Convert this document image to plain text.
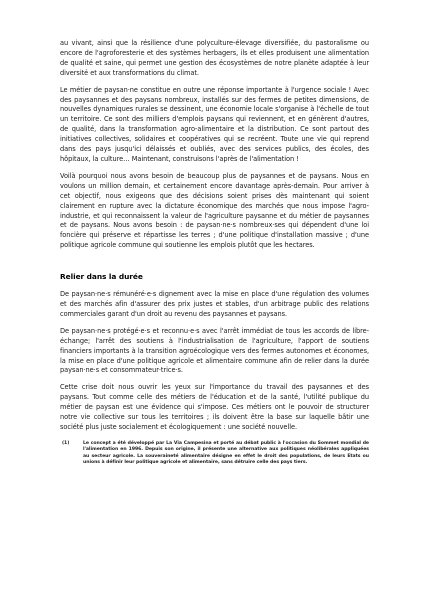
au vivant, ainsi que la résilience d'une polyculture-élevage diversifiée, du pastoralisme ou encore de l'agroforesterie et des systèmes herbagers, ils et elles produisent une alimentation de qualité et saine, qui permet une gestion des écosystèmes de notre planète adaptée à leur diversité et aux transformations du climat.

Le métier de paysan·ne constitue en outre une réponse importante à l'urgence sociale ! Avec des paysannes et des paysans nombreux, installés sur des fermes de petites dimensions, de nouvelles dynamiques rurales se dessinent, une économie locale s'organise à l'échelle de tout un territoire. Ce sont des milliers d'emplois paysans qui reviennent, et en génèrent d'autres, de qualité, dans la transformation agro-alimentaire et la distribution. Ce sont partout des initiatives collectives, solidaires et coopératives qui se recréent. Toute une vie qui reprend dans des pays jusqu'ici délaissés et oubliés, avec des services publics, des écoles, des hôpitaux, la culture… Maintenant, construisons l'après de l'alimentation !

Voilà pourquoi nous avons besoin de beaucoup plus de paysannes et de paysans. Nous en voulons un million demain, et certainement encore davantage après-demain. Pour arriver à cet objectif, nous exigeons que des décisions soient prises dès maintenant qui soient clairement en rupture avec la dictature économique des marchés que nous impose l'agro-industrie, et qui reconnaissent la valeur de l'agriculture paysanne et du métier de paysannes et de paysans. Nous avons besoin : de paysan·ne·s nombreux·ses qui dépendent d'une loi foncière qui préserve et répartisse les terres ; d'une politique d'installation massive ; d'une politique agricole commune qui soutienne les emplois plutôt que les hectares.

Relier dans la durée

De paysan·ne·s rémunéré·e·s dignement avec la mise en place d'une régulation des volumes et des marchés afin d'assurer des prix justes et stables, d'un arbitrage public des relations commerciales garant d'un droit au revenu des paysannes et paysans.

De paysan·ne·s protégé·e·s et reconnu·e·s avec l'arrêt immédiat de tous les accords de libre-échange; l'arrêt des soutiens à l'industrialisation de l'agriculture, l'apport de soutiens financiers importants à la transition agroécologique vers des fermes autonomes et économes, la mise en place d'une politique agricole et alimentaire commune afin de relier dans la durée paysan·ne·s et consommateur·trice·s.

Cette crise doit nous ouvrir les yeux sur l'importance du travail des paysannes et des paysans. Tout comme celle des métiers de l'éducation et de la santé, l'utilité publique du métier de paysan est une évidence qui s'impose. Ces métiers ont le pouvoir de structurer notre vie collective sur tous les territoires ; ils doivent être la base sur laquelle bâtir une société plus juste socialement et écologiquement : une société nouvelle.

(1)	Le concept a été développé par La Via Campesina et porté au débat public à l'occasion du Sommet mondial de l'alimentation en 1996. Depuis son origine, il présente une alternative aux politiques néolibérales appliquées au secteur agricole. La souveraineté alimentaire désigne en effet le droit des populations, de leurs Etats ou unions à définir leur politique agricole et alimentaire, sans détruire celle des pays tiers.
